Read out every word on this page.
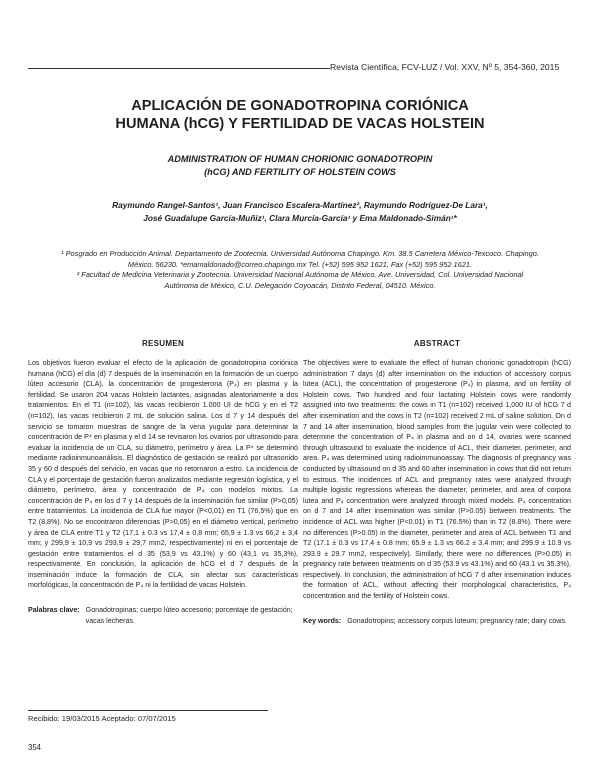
Revista Científica, FCV-LUZ / Vol. XXV, Nº 5, 354-360, 2015
APLICACIÓN DE GONADOTROPINA CORIÓNICA
HUMANA (hCG) Y FERTILIDAD DE VACAS HOLSTEIN
ADMINISTRATION OF HUMAN CHORIONIC GONADOTROPIN
(hCG) AND FERTILITY OF HOLSTEIN COWS
Raymundo Rangel-Santos¹, Juan Francisco Escalera-Martínez², Raymundo Rodríguez-De Lara¹,
José Guadalupe García-Muñiz¹, Clara Murcia-García¹ y Ema Maldonado-Simán¹*

¹ Posgrado en Producción Animal. Departamento de Zootecnia. Universidad Autónoma Chapingo. Km. 38.5 Carretera México-Texcoco. Chapingo. México. 56230. *emamaldonado@correo.chapingo.mx Tel. (+52) 595 952 1621, Fax (+52) 595 952 1621.

² Facultad de Medicina Veterinaria y Zootecnia. Universidad Nacional Autónoma de México. Ave. Universidad, Col. Universidad Nacional Autónoma de México, C.U. Delegación Coyoacán, Distrito Federal, 04510. México.

RESUMEN

Los objetivos fueron evaluar el efecto de la aplicación de gonadotropina coriónica humana (hCG) el día (d) 7 después de la inseminación en la formación de un cuerpo lúteo accesorio (CLA), la concentración de progesterona (P₄) en plasma y la fertilidad. Se usaron 204 vacas Holstein lactantes, asignadas aleatoriamente a dos tratamientos: En el T1 (n=102), las vacas recibieron 1.000 UI de hCG y en el T2 (n=102), las vacas recibieron 2 mL de solución salina. Los d 7 y 14 después del servicio se tomaron muestras de sangre de la vena yugular para determinar la concentración de P⁴ en plasma y el d 14 se revisaron los ovarios por ultrasonido para evaluar la incidencia de un CLA, su diámetro, perímetro y área. La P⁴ se determinó mediante radioinmunoanálisis. El diagnóstico de gestación se realizó por ultrasonido 35 y 60 d después del servicio, en vacas que no retornaron a estro. La incidencia de CLA y el porcentaje de gestación fueron analizados mediante regresión logística, y el diámetro, perímetro, área y concentración de P₄ con modelos mixtos. La concentración de P₄ en los d 7 y 14 después de la inseminación fue similar (P>0,05) entre tratamientos. La incidencia de CLA fue mayor (P<0,01) en T1 (76,5%) que en T2 (8,8%). No se encontraron diferencias (P>0,05) en el diámetro vertical, perímetro y área de CLA entre T1 y T2 (17,1 ± 0.3 vs 17,4 ± 0,8 mm; 65,9 ± 1.3 vs 66,2 ± 3,4 mm; y 299,9 ± 10,9 vs 293,9 ± 29,7 mm2, respectivamente) ni en el porcentaje de gestación entre tratamientos el d 35 (53,9 vs 43,1%) y 60 (43,1 vs 35,3%), respectivamente. En conclusión, la aplicación de hCG el d 7 después de la inseminación induce la formación de CLA, sin afectar sus características morfológicas, la concentración de P₄ ni la fertilidad de vacas Holstein.

Palabras clave: Gonadotropinas; cuerpo lúteo accesorio; porcentaje de gestación; vacas lecheras.
ABSTRACT

The objectives were to evaluate the effect of human chorionic gonadotropin (hCG) administration 7 days (d) after insemination on the induction of accessory corpus lutea (ACL), the concentration of progesterone (P₄) in plasma, and on fertility of Holstein cows. Two hundred and four lactating Holstein cows were randomly assigned into two treatments: the cows in T1 (n=102) received 1,000 IU of hCG 7 d after insemination and the cows in T2 (n=102) received 2 mL of saline solution. On d 7 and 14 after insemination, blood samples from the jugular vein were collected to determine the concentration of P₄ in plasma and on d 14, ovaries were scanned through ultrasound to evaluate the incidence of ACL, their diameter, perimeter, and area. P₄ was determined using radioimmunoassay. The diagnosis of pregnancy was conducted by ultrasound on d 35 and 60 after insemination in cows that did not return to estrous. The incidences of ACL and pregnancy rates were analyzed through multiple logistic regressions whereas the diameter, perimeter, and area of corpora lutea and P₄ concentration were analyzed through mixed models. P₄ concentration on d 7 and 14 after insemination was similar (P>0.05) between treatments. The incidence of ACL was higher (P<0.01) in T1 (76.5%) than in T2 (8.8%). There were no differences (P>0.05) in the diameter, perimeter and area of ACL between T1 and T2 (17.1 ± 0.3 vs 17.4 ± 0.8 mm; 65.9 ± 1.3 vs 66.2 ± 3.4 mm; and 299.9 ± 10.9 vs 293.9 ± 29.7 mm2, respectively). Similarly, there were no differences (P>0.05) in pregnancy rate between treatments on d 35 (53.9 vs 43.1%) and 60 (43.1 vs 35.3%), respectively. In conclusion, the administration of hCG 7 d after insemination induces the formation of ACL, without affecting their morphological characteristics, P₄ concentration and the fertility of Holstein cows.

Key words: Gonadotropins; accessory corpus luteum; pregnancy rate; dairy cows.
Recibido: 19/03/2015 Aceptado: 07/07/2015
354
